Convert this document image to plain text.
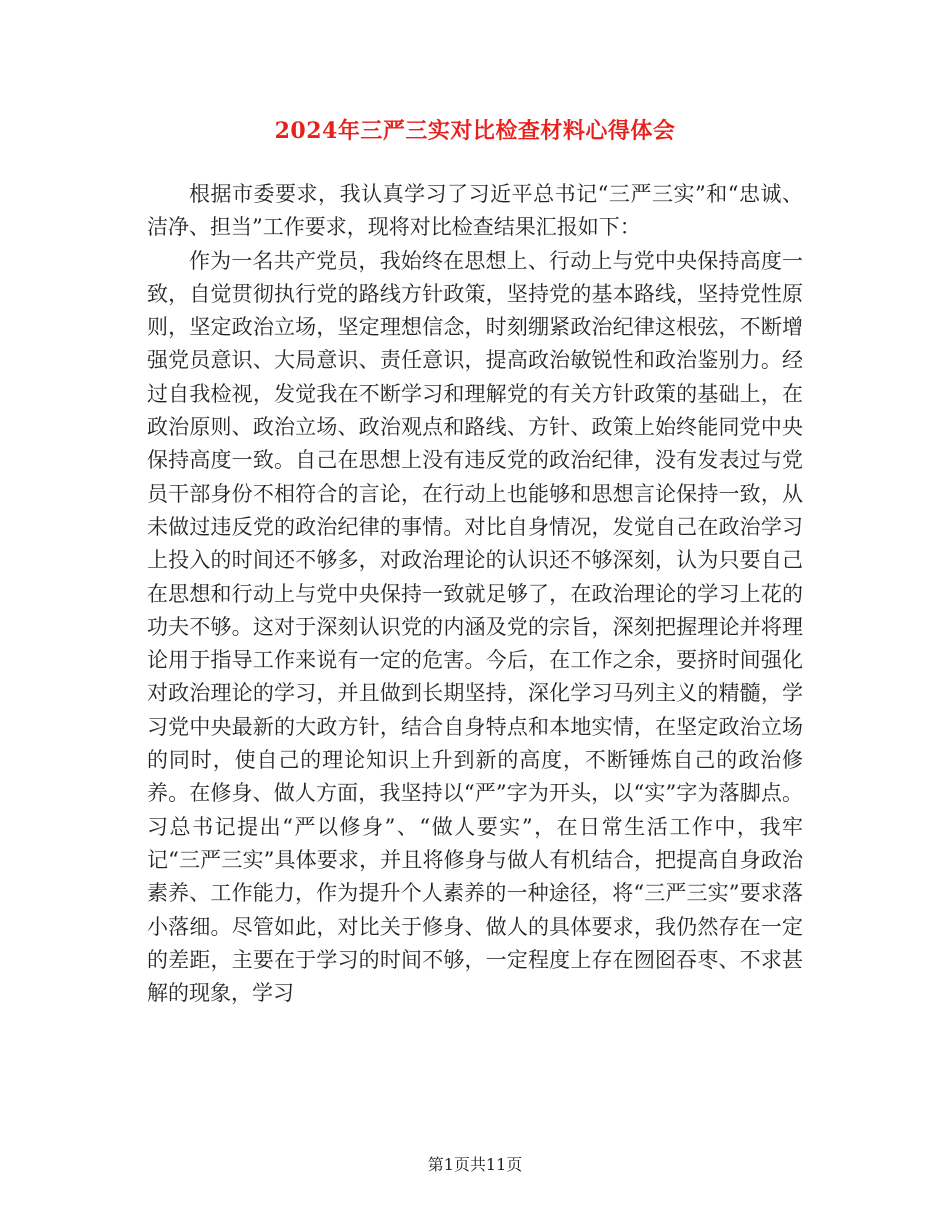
2024年三严三实对比检查材料心得体会

根据市委要求，我认真学习了习近平总书记“三严三实”和“忠诚、洁净、担当”工作要求，现将对比检查结果汇报如下：

作为一名共产党员，我始终在思想上、行动上与党中央保持高度一致，自觉贯彻执行党的路线方针政策，坚持党的基本路线，坚持党性原则，坚定政治立场，坚定理想信念，时刻绷紧政治纪律这根弦，不断增强党员意识、大局意识、责任意识，提高政治敏锐性和政治鉴别力。经过自我检视，发觉我在不断学习和理解党的有关方针政策的基础上，在政治原则、政治立场、政治观点和路线、方针、政策上始终能同党中央保持高度一致。自己在思想上没有违反党的政治纪律，没有发表过与党员干部身份不相符合的言论，在行动上也能够和思想言论保持一致，从未做过违反党的政治纪律的事情。对比自身情况，发觉自己在政治学习上投入的时间还不够多，对政治理论的认识还不够深刻，认为只要自己在思想和行动上与党中央保持一致就足够了，在政治理论的学习上花的功夫不够。这对于深刻认识党的内涵及党的宗旨，深刻把握理论并将理论用于指导工作来说有一定的危害。今后，在工作之余，要挤时间强化对政治理论的学习，并且做到长期坚持，深化学习马列主义的精髓，学习党中央最新的大政方针，结合自身特点和本地实情，在坚定政治立场的同时，使自己的理论知识上升到新的高度，不断锤炼自己的政治修养。在修身、做人方面，我坚持以“严”字为开头，以“实”字为落脚点。习总书记提出“严以修身”、“做人要实”，在日常生活工作中，我牢记“三严三实”具体要求，并且将修身与做人有机结合，把提高自身政治素养、工作能力，作为提升个人素养的一种途径，将“三严三实”要求落小落细。尽管如此，对比关于修身、做人的具体要求，我仍然存在一定的差距，主要在于学习的时间不够，一定程度上存在囫囵吞枣、不求甚解的现象，学习

第1页共11页
